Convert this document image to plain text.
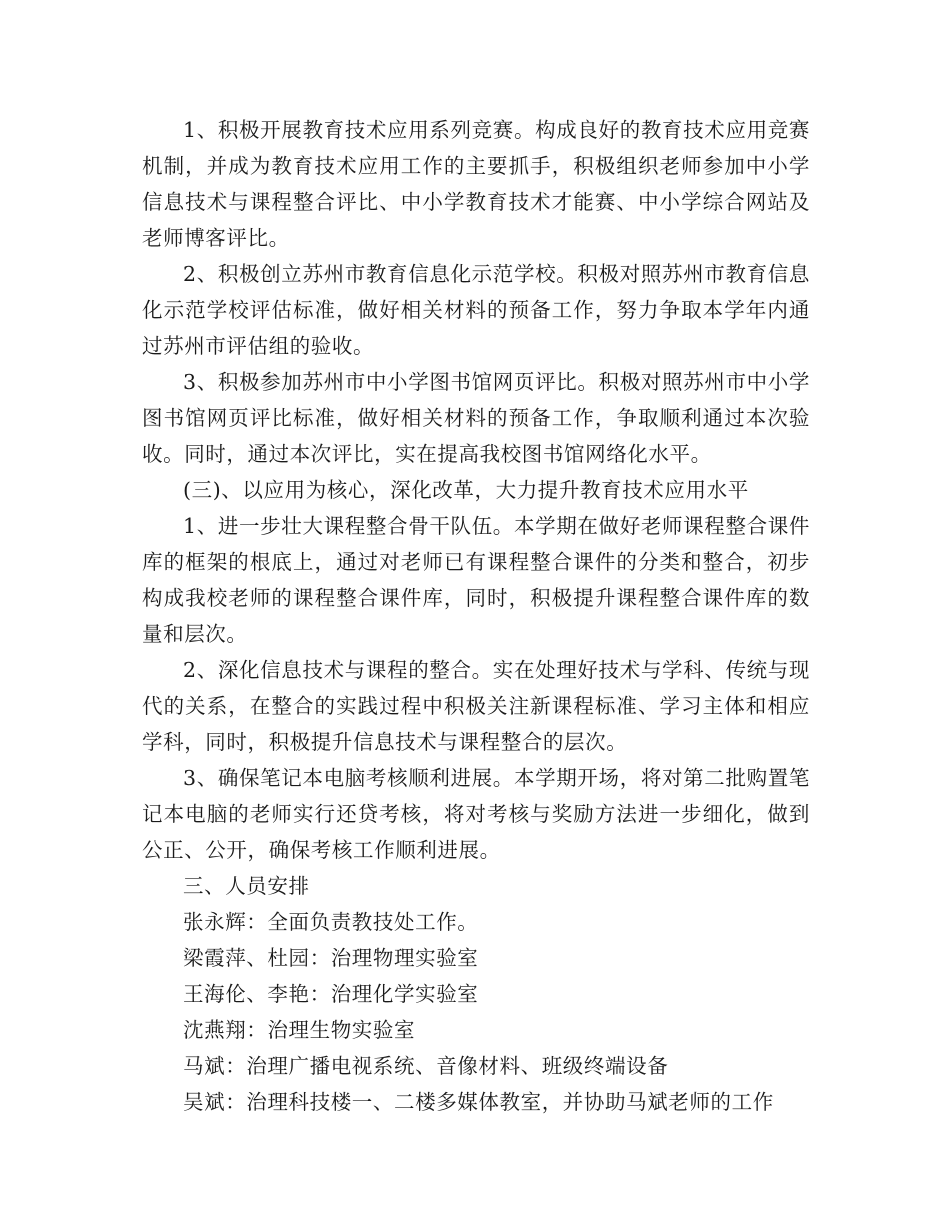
1、积极开展教育技术应用系列竞赛。构成良好的教育技术应用竞赛机制，并成为教育技术应用工作的主要抓手，积极组织老师参加中小学信息技术与课程整合评比、中小学教育技术才能赛、中小学综合网站及老师博客评比。

2、积极创立苏州市教育信息化示范学校。积极对照苏州市教育信息化示范学校评估标准，做好相关材料的预备工作，努力争取本学年内通过苏州市评估组的验收。

3、积极参加苏州市中小学图书馆网页评比。积极对照苏州市中小学图书馆网页评比标准，做好相关材料的预备工作，争取顺利通过本次验收。同时，通过本次评比，实在提高我校图书馆网络化水平。

(三)、以应用为核心，深化改革，大力提升教育技术应用水平

1、进一步壮大课程整合骨干队伍。本学期在做好老师课程整合课件库的框架的根底上，通过对老师已有课程整合课件的分类和整合，初步构成我校老师的课程整合课件库，同时，积极提升课程整合课件库的数量和层次。

2、深化信息技术与课程的整合。实在处理好技术与学科、传统与现代的关系，在整合的实践过程中积极关注新课程标准、学习主体和相应学科，同时，积极提升信息技术与课程整合的层次。

3、确保笔记本电脑考核顺利进展。本学期开场，将对第二批购置笔记本电脑的老师实行还贷考核，将对考核与奖励方法进一步细化，做到公正、公开，确保考核工作顺利进展。

三、人员安排

张永辉：全面负责教技处工作。

梁霞萍、杜园：治理物理实验室

王海伦、李艳：治理化学实验室

沈燕翔：治理生物实验室

马斌：治理广播电视系统、音像材料、班级终端设备

吴斌：治理科技楼一、二楼多媒体教室，并协助马斌老师的工作
